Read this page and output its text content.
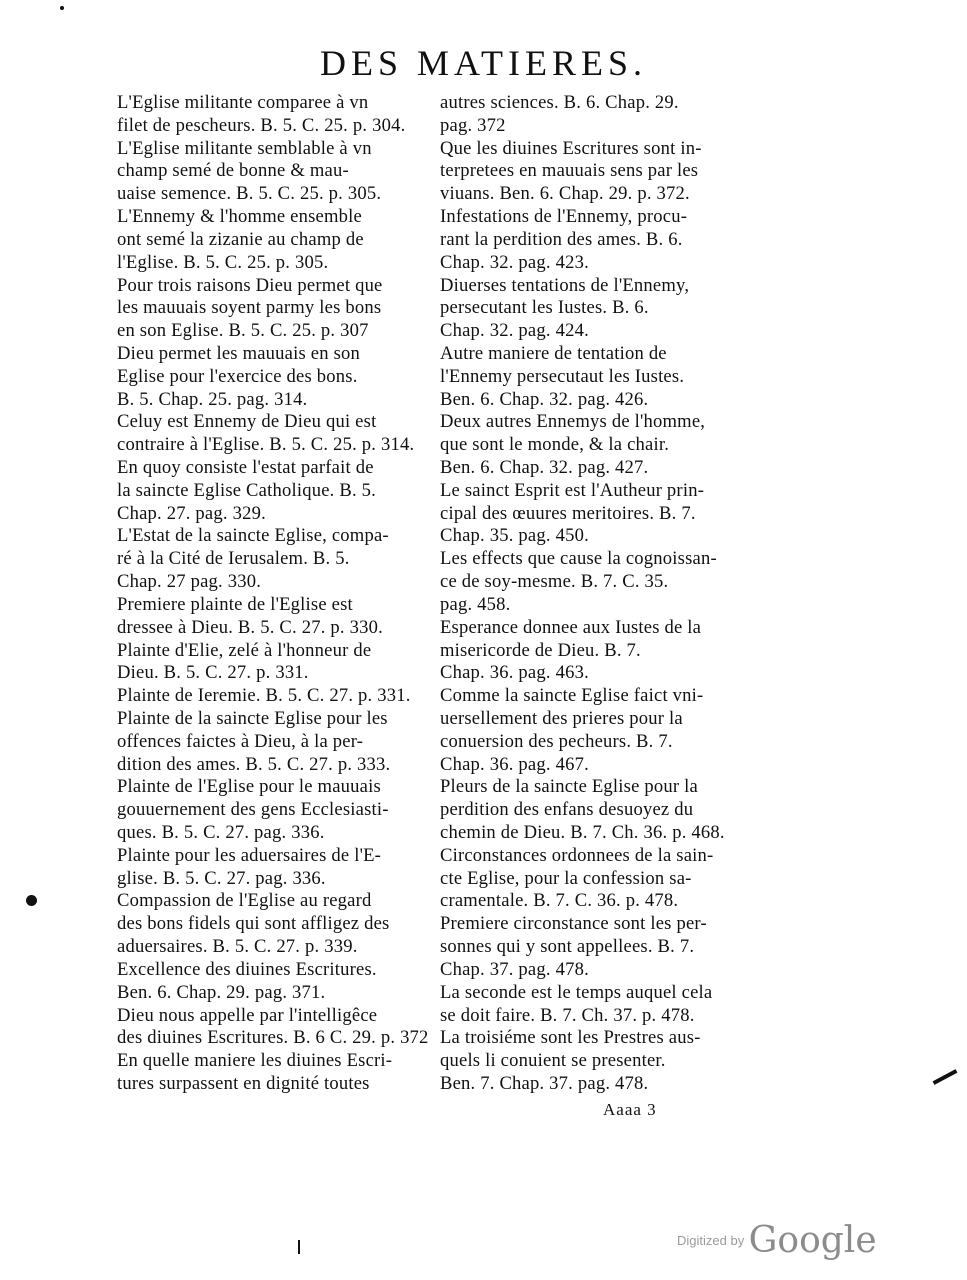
DES MATIERES.
L'Eglise militante comparee à vn
filet de pescheurs. B. 5. C. 25. p. 304.
L'Eglise militante semblable à vn
champ semé de bonne & mau-
uaise semence. B. 5. C. 25. p. 305.
L'Ennemy & l'homme ensemble
ont semé la zizanie au champ de
l'Eglise. B. 5. C. 25. p. 305.
Pour trois raisons Dieu permet que
les mauuais soyent parmy les bons
en son Eglise. B. 5. C. 25. p. 307
Dieu permet les mauuais en son
Eglise pour l'exercice des bons.
B. 5. Chap. 25. pag. 314.
Celuy est Ennemy de Dieu qui est
contraire à l'Eglise. B. 5. C. 25. p. 314.
En quoy consiste l'estat parfait de
la saincte Eglise Catholique. B. 5.
Chap. 27. pag. 329.
L'Estat de la saincte Eglise, compa-
ré à la Cité de Ierusalem. B. 5.
Chap. 27 pag. 330.
Premiere plainte de l'Eglise est
dressee à Dieu. B. 5. C. 27. p. 330.
Plainte d'Elie, zelé à l'honneur de
Dieu. B. 5. C. 27. p. 331.
Plainte de Ieremie. B. 5. C. 27. p. 331.
Plainte de la saincte Eglise pour les
offences faictes à Dieu, à la per-
dition des ames. B. 5. C. 27. p. 333.
Plainte de l'Eglise pour le mauuais
gouuernement des gens Ecclesiasti-
ques. B. 5. C. 27. pag. 336.
Plainte pour les aduersaires de l'E-
glise. B. 5. C. 27. pag. 336.
Compassion de l'Eglise au regard
des bons fidels qui sont affligez des
aduersaires. B. 5. C. 27. p. 339.
Excellence des diuines Escritures.
Ben. 6. Chap. 29. pag. 371.
Dieu nous appelle par l'intelligêce
des diuines Escritures. B. 6 C. 29. p. 372
En quelle maniere les diuines Escri-
tures surpassent en dignité toutes
autres sciences. B. 6. Chap. 29.
pag. 372
Que les diuines Escritures sont in-
terpretees en mauuais sens par les
viuans. Ben. 6. Chap. 29. p. 372.
Infestations de l'Ennemy, procu-
rant la perdition des ames. B. 6.
Chap. 32. pag. 423.
Diuerses tentations de l'Ennemy,
persecutant les Iustes. B. 6.
Chap. 32. pag. 424.
Autre maniere de tentation de
l'Ennemy persecutaut les Iustes.
Ben. 6. Chap. 32. pag. 426.
Deux autres Ennemys de l'homme,
que sont le monde, & la chair.
Ben. 6. Chap. 32. pag. 427.
Le sainct Esprit est l'Autheur prin-
cipal des œuures meritoires. B. 7.
Chap. 35. pag. 450.
Les effects que cause la cognoissan-
ce de soy-mesme. B. 7. C. 35.
pag. 458.
Esperance donnee aux Iustes de la
misericorde de Dieu. B. 7.
Chap. 36. pag. 463.
Comme la saincte Eglise faict vni-
uersellement des prieres pour la
conuersion des pecheurs. B. 7.
Chap. 36. pag. 467.
Pleurs de la saincte Eglise pour la
perdition des enfans desuoyez du
chemin de Dieu. B. 7. Ch. 36. p. 468.
Circonstances ordonnees de la sain-
cte Eglise, pour la confession sa-
cramentale. B. 7. C. 36. p. 478.
Premiere circonstance sont les per-
sonnes qui y sont appellees. B. 7.
Chap. 37. pag. 478.
La seconde est le temps auquel cela
se doit faire. B. 7. Ch. 37. p. 478.
La troisiéme sont les Prestres aus-
quels li conuient se presenter.
Ben. 7. Chap. 37. pag. 478.
Aaaa 3
Digitized by Google
